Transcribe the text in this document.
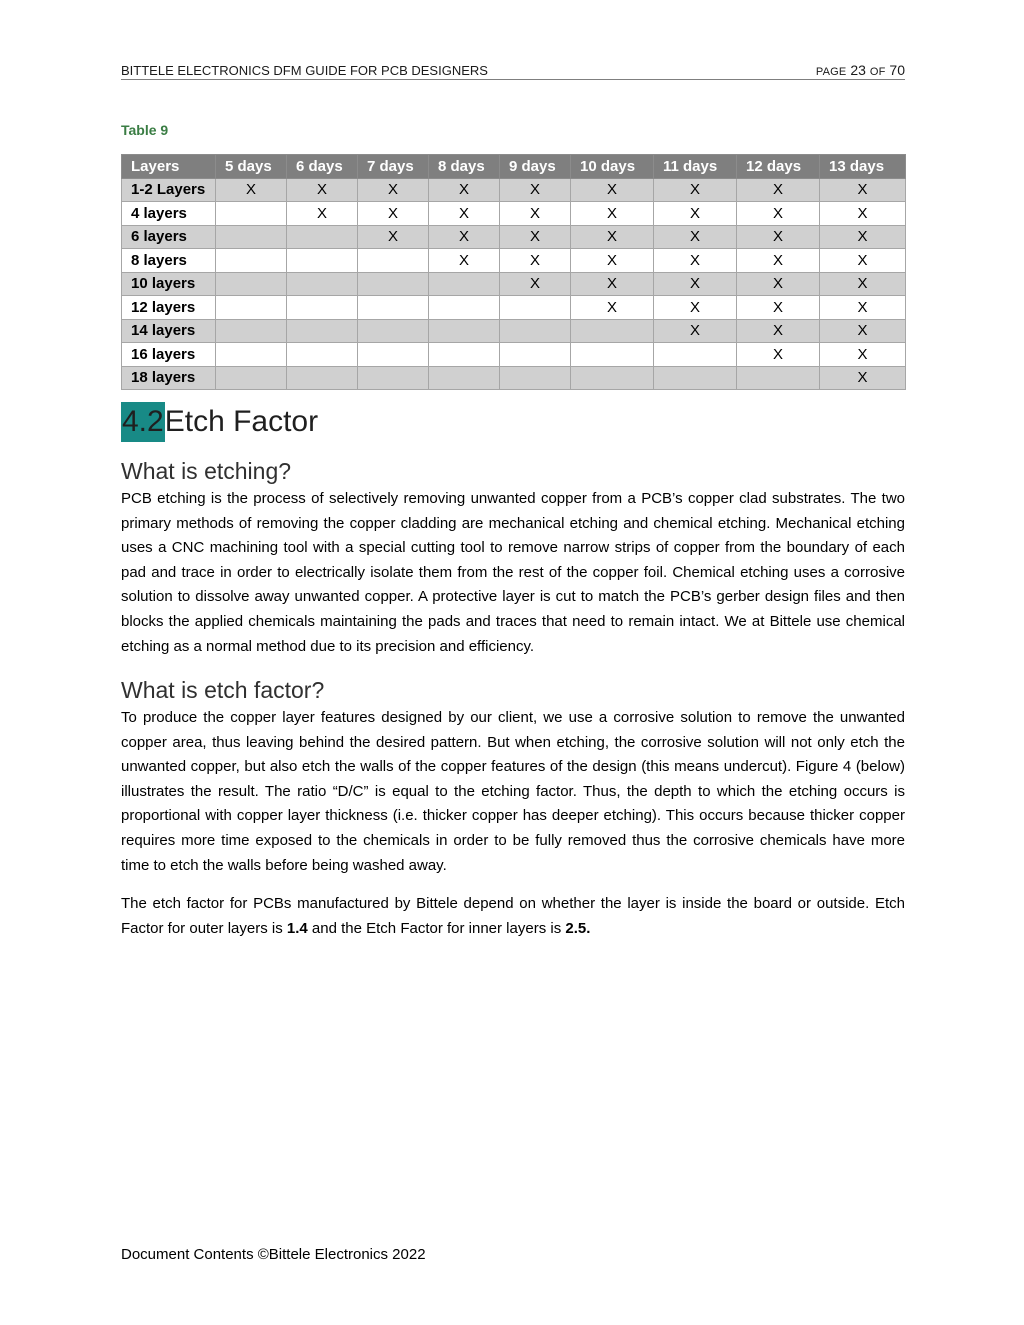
BITTELE ELECTRONICS DFM GUIDE FOR PCB DESIGNERS	PAGE 23 OF 70
Table 9
Layers	5 days	6 days	7 days	8 days	9 days	10 days	11 days	12 days	13 days
1-2 Layers	X	X	X	X	X	X	X	X	X
4 layers		X	X	X	X	X	X	X	X
6 layers			X	X	X	X	X	X	X
8 layers				X	X	X	X	X	X
10 layers					X	X	X	X	X
12 layers						X	X	X	X
14 layers							X	X	X
16 layers								X	X
18 layers									X
4.2Etch Factor
What is etching?

PCB etching is the process of selectively removing unwanted copper from a PCB’s copper clad substrates. The two primary methods of removing the copper cladding are mechanical etching and chemical etching. Mechanical etching uses a CNC machining tool with a special cutting tool to remove narrow strips of copper from the boundary of each pad and trace in order to electrically isolate them from the rest of the copper foil. Chemical etching uses a corrosive solution to dissolve away unwanted copper. A protective layer is cut to match the PCB’s gerber design files and then blocks the applied chemicals maintaining the pads and traces that need to remain intact. We at Bittele use chemical etching as a normal method due to its precision and efficiency.

What is etch factor?

To produce the copper layer features designed by our client, we use a corrosive solution to remove the unwanted copper area, thus leaving behind the desired pattern. But when etching, the corrosive solution will not only etch the unwanted copper, but also etch the walls of the copper features of the design (this means undercut). Figure 4 (below) illustrates the result. The ratio “D/C” is equal to the etching factor. Thus, the depth to which the etching occurs is proportional with copper layer thickness (i.e. thicker copper has deeper etching). This occurs because thicker copper requires more time exposed to the chemicals in order to be fully removed thus the corrosive chemicals have more time to etch the walls before being washed away.

The etch factor for PCBs manufactured by Bittele depend on whether the layer is inside the board or outside. Etch Factor for outer layers is 1.4 and the Etch Factor for inner layers is 2.5.

Document Contents ©Bittele Electronics 2022
